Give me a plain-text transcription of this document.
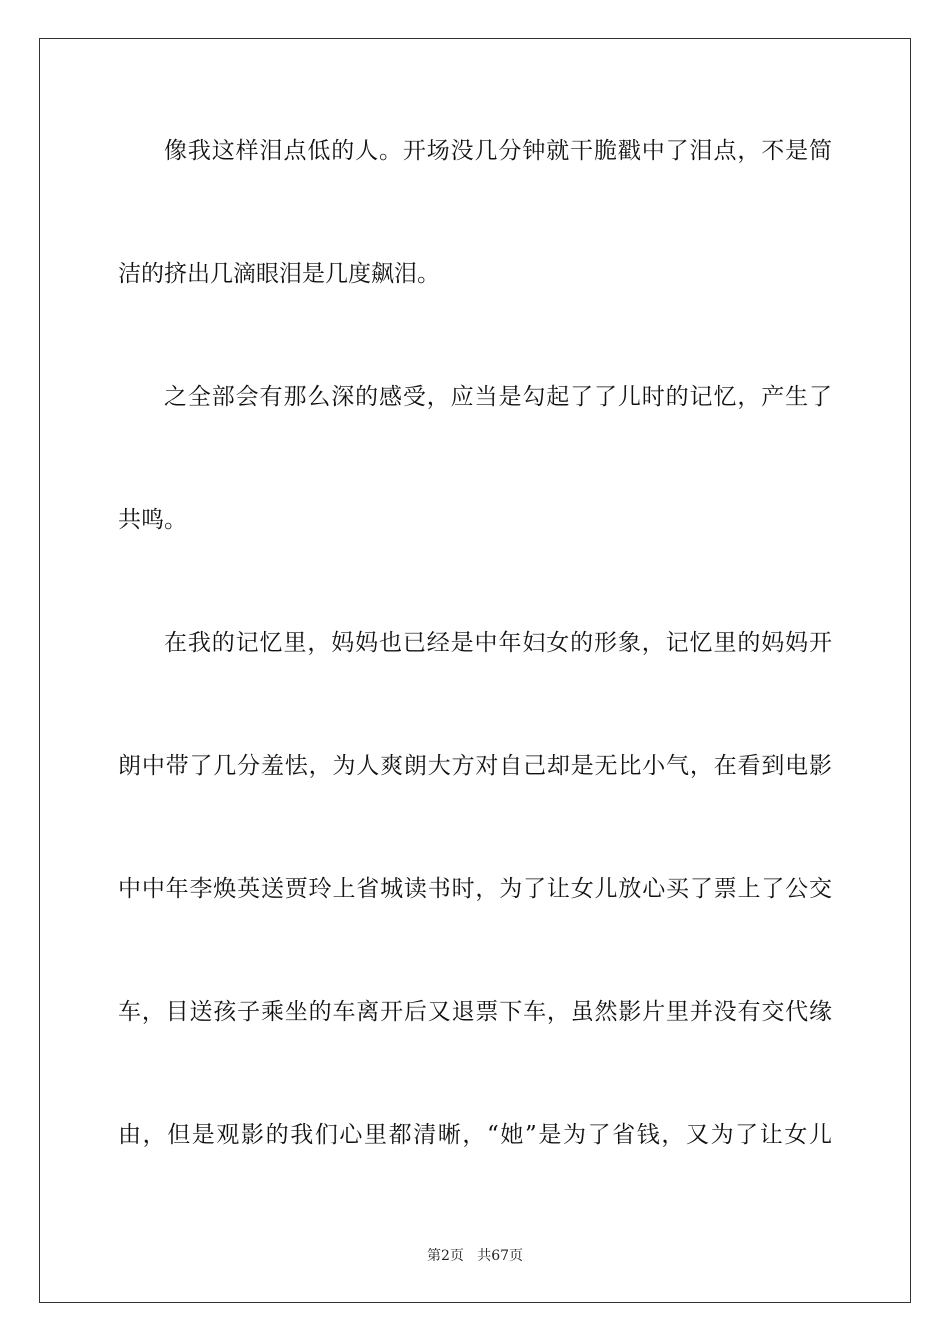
像我这样泪点低的人。开场没几分钟就干脆戳中了泪点，不是简
洁的挤出几滴眼泪是几度飙泪。
之全部会有那么深的感受，应当是勾起了了儿时的记忆，产生了
共鸣。
在我的记忆里，妈妈也已经是中年妇女的形象，记忆里的妈妈开
朗中带了几分羞怯，为人爽朗大方对自己却是无比小气，在看到电影
中中年李焕英送贾玲上省城读书时，为了让女儿放心买了票上了公交
车，目送孩子乘坐的车离开后又退票下车，虽然影片里并没有交代缘
由，但是观影的我们心里都清晰，“她”是为了省钱，又为了让女儿
第2页   共67页
